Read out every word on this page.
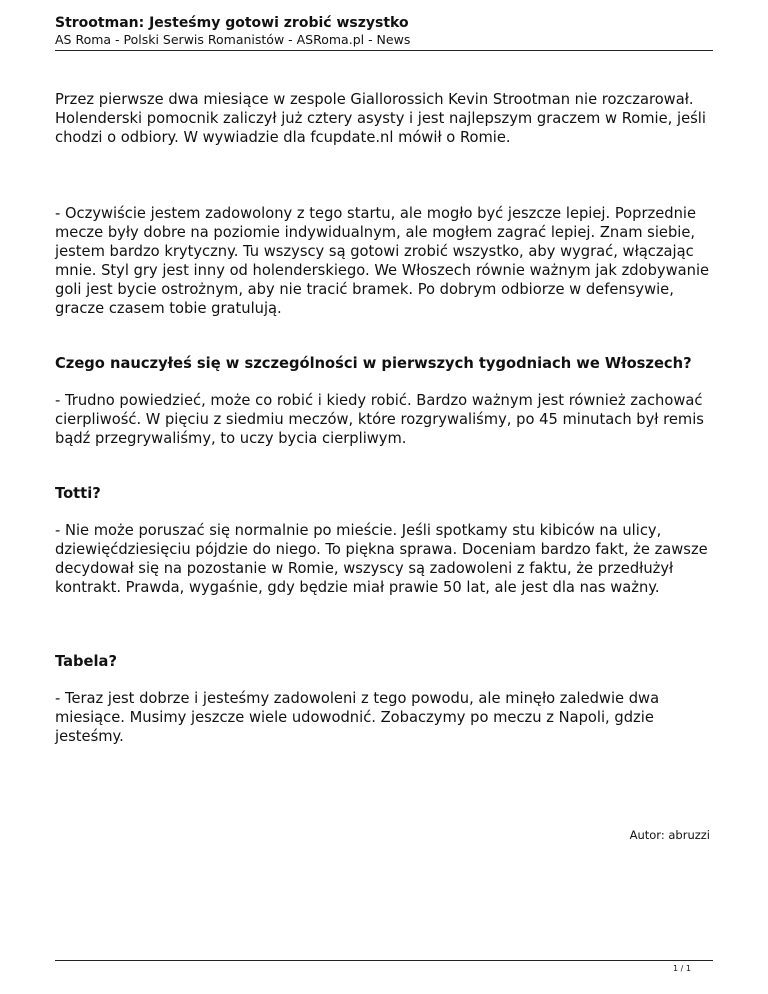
Strootman: Jesteśmy gotowi zrobić wszystko

AS Roma - Polski Serwis Romanistów - ASRoma.pl - News

Przez pierwsze dwa miesiące w zespole Giallorossich Kevin Strootman nie rozczarował. Holenderski pomocnik zaliczył już cztery asysty i jest najlepszym graczem w Romie, jeśli chodzi o odbiory. W wywiadzie dla fcupdate.nl mówił o Romie.

- Oczywiście jestem zadowolony z tego startu, ale mogło być jeszcze lepiej. Poprzednie mecze były dobre na poziomie indywidualnym, ale mogłem zagrać lepiej. Znam siebie, jestem bardzo krytyczny. Tu wszyscy są gotowi zrobić wszystko, aby wygrać, włączając mnie. Styl gry jest inny od holenderskiego. We Włoszech równie ważnym jak zdobywanie goli jest bycie ostrożnym, aby nie tracić bramek. Po dobrym odbiorze w defensywie, gracze czasem tobie gratulują.

Czego nauczyłeś się w szczególności w pierwszych tygodniach we Włoszech?

- Trudno powiedzieć, może co robić i kiedy robić. Bardzo ważnym jest również zachować cierpliwość. W pięciu z siedmiu meczów, które rozgrywaliśmy, po 45 minutach był remis bądź przegrywaliśmy, to uczy bycia cierpliwym.

Totti?

- Nie może poruszać się normalnie po mieście. Jeśli spotkamy stu kibiców na ulicy, dziewięćdziesięciu pójdzie do niego. To piękna sprawa. Doceniam bardzo fakt, że zawsze decydował się na pozostanie w Romie, wszyscy są zadowoleni z faktu, że przedłużył kontrakt. Prawda, wygaśnie, gdy będzie miał prawie 50 lat, ale jest dla nas ważny.

Tabela?

- Teraz jest dobrze i jesteśmy zadowoleni z tego powodu, ale minęło zaledwie dwa miesiące. Musimy jeszcze wiele udowodnić. Zobaczymy po meczu z Napoli, gdzie jesteśmy.

Autor: abruzzi
1 / 1
